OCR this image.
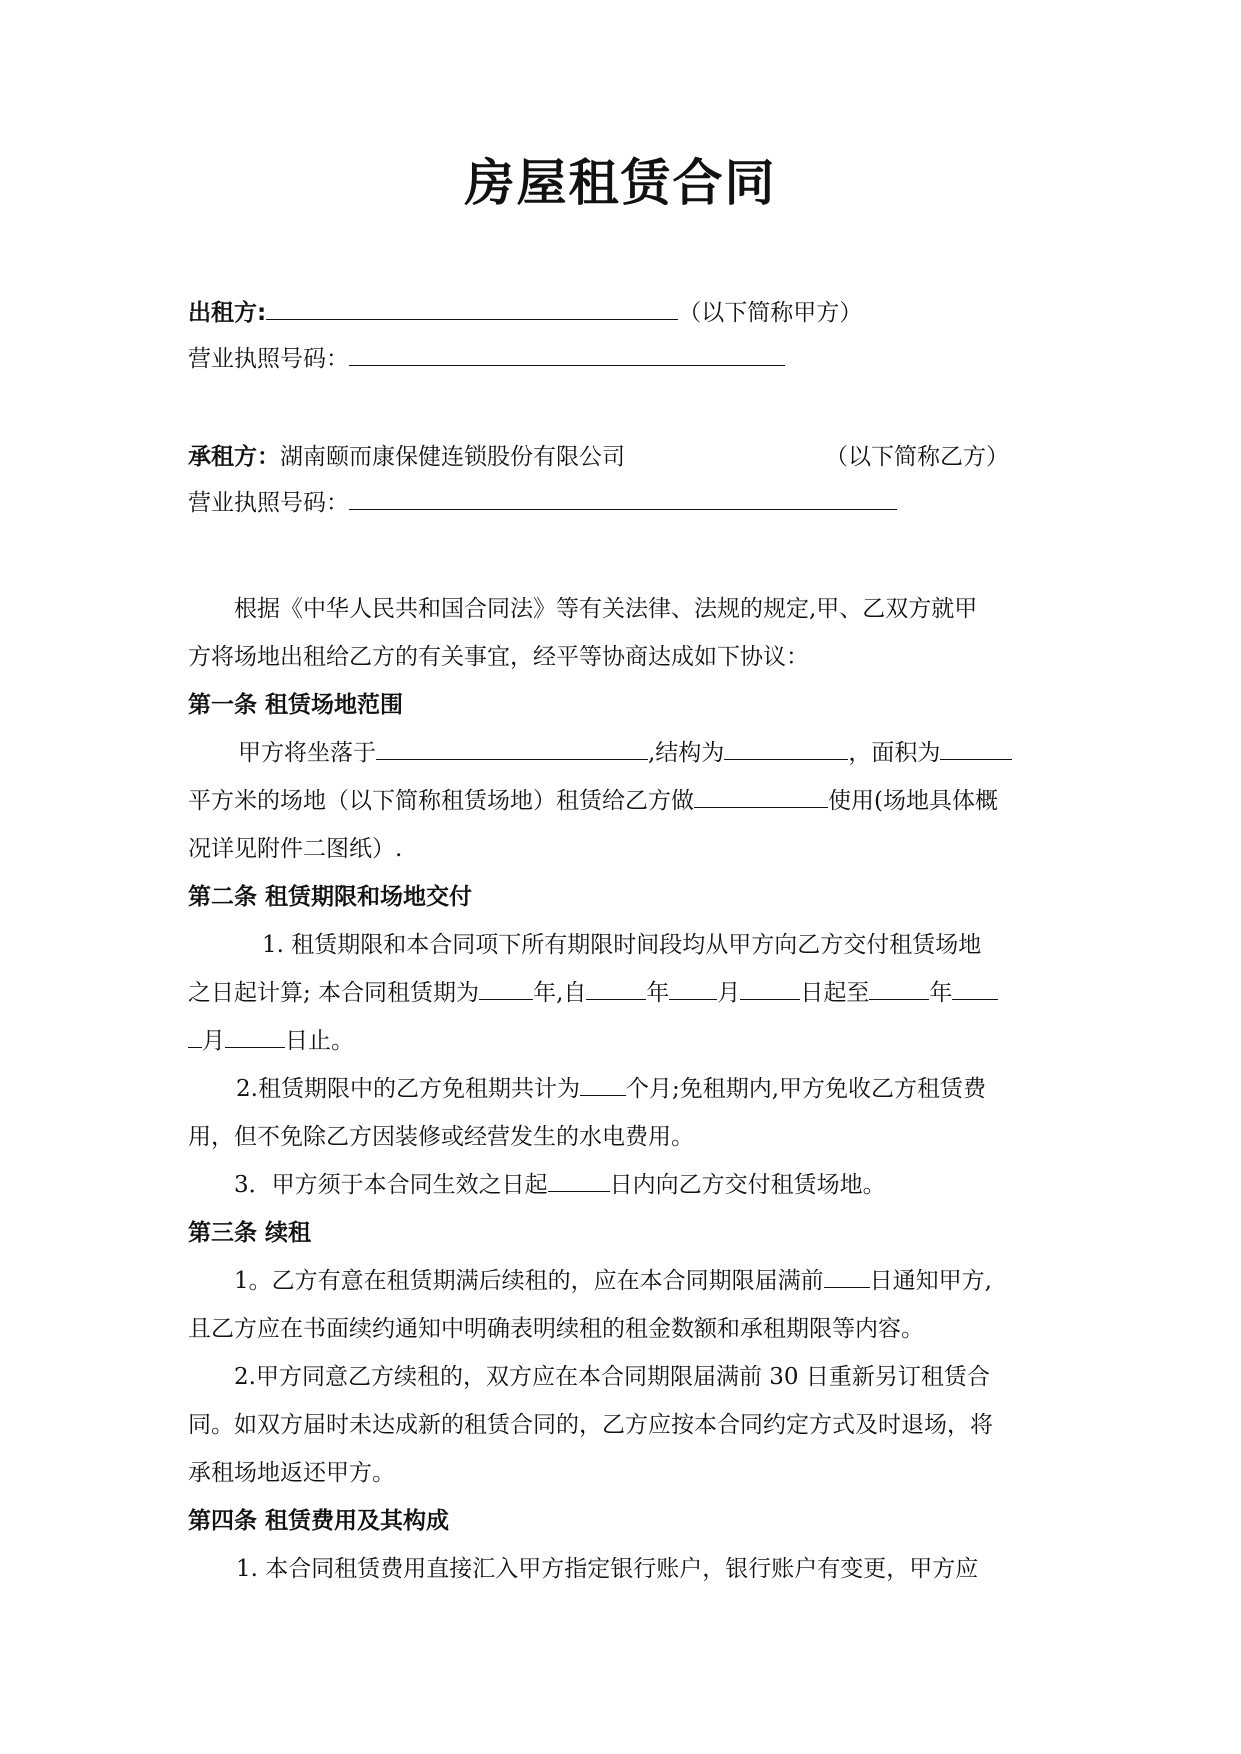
房屋租赁合同
出租方:	（以下简称甲方）
营业执照号码：
承租方：湖南颐而康保健连锁股份有限公司	（以下简称乙方）
营业执照号码：
根据《中华人民共和国合同法》等有关法律、法规的规定,甲、乙双方就甲
方将场地出租给乙方的有关事宜，经平等协商达成如下协议：
第一条 租赁场地范围
甲方将坐落于	,结构为	，面积为
平方米的场地（以下简称租赁场地）租赁给乙方做	使用(场地具体概
况详见附件二图纸）.
第二条 租赁期限和场地交付
1. 租赁期限和本合同项下所有期限时间段均从甲方向乙方交付租赁场地
之日起计算; 本合同租赁期为 年,自	年 月	日起至	年
月	日止。
2.租赁期限中的乙方免租期共计为 个月;免租期内,甲方免收乙方租赁费
用，但不免除乙方因装修或经营发生的水电费用。
3．甲方须于本合同生效之日起	日内向乙方交付租赁场地。
第三条 续租
1。乙方有意在租赁期满后续租的，应在本合同期限届满前 日通知甲方,
且乙方应在书面续约通知中明确表明续租的租金数额和承租期限等内容。
2.甲方同意乙方续租的，双方应在本合同期限届满前 30 日重新另订租赁合
同。如双方届时未达成新的租赁合同的，乙方应按本合同约定方式及时退场，将
承租场地返还甲方。
第四条 租赁费用及其构成
1. 本合同租赁费用直接汇入甲方指定银行账户，银行账户有变更，甲方应
